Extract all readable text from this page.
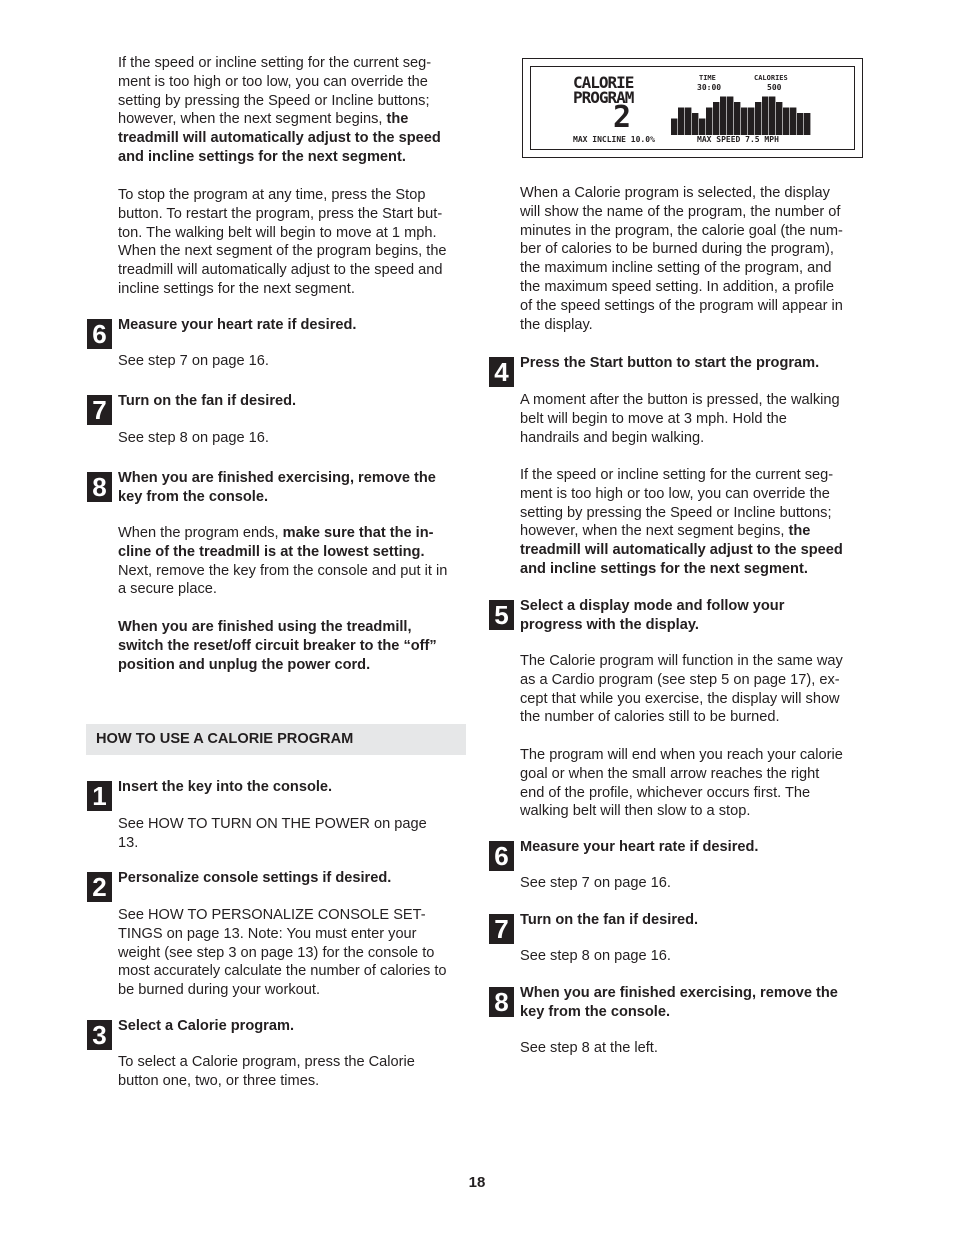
If the speed or incline setting for the current seg-
ment is too high or too low, you can override the
setting by pressing the Speed or Incline buttons;
however, when the next segment begins, the
treadmill will automatically adjust to the speed
and incline settings for the next segment.

To stop the program at any time, press the Stop
button. To restart the program, press the Start but-
ton. The walking belt will begin to move at 1 mph.
When the next segment of the program begins, the
treadmill will automatically adjust to the speed and
incline settings for the next segment.

6 Measure your heart rate if desired.

See step 7 on page 16.

7 Turn on the fan if desired.

See step 8 on page 16.

8 When you are finished exercising, remove the
key from the console.

When the program ends, make sure that the in-
cline of the treadmill is at the lowest setting.
Next, remove the key from the console and put it in
a secure place.

When you are finished using the treadmill,
switch the reset/off circuit breaker to the “off”
position and unplug the power cord.

HOW TO USE A CALORIE PROGRAM
1 Insert the key into the console.

See HOW TO TURN ON THE POWER on page
13.

2 Personalize console settings if desired.

See HOW TO PERSONALIZE CONSOLE SET-
TINGS on page 13. Note: You must enter your
weight (see step 3 on page 13) for the console to
most accurately calculate the number of calories to
be burned during your workout.

3 Select a Calorie program.

To select a Calorie program, press the Calorie
button one, two, or three times.

CALORIE
PROGRAM
2
TIME
30:00
CALORIES
500
MAX INCLINE 10.0%	MAX SPEED 7.5 MPH

When a Calorie program is selected, the display
will show the name of the program, the number of
minutes in the program, the calorie goal (the num-
ber of calories to be burned during the program),
the maximum incline setting of the program, and
the maximum speed setting. In addition, a profile
of the speed settings of the program will appear in
the display.

4 Press the Start button to start the program.

A moment after the button is pressed, the walking
belt will begin to move at 3 mph. Hold the
handrails and begin walking.

If the speed or incline setting for the current seg-
ment is too high or too low, you can override the
setting by pressing the Speed or Incline buttons;
however, when the next segment begins, the
treadmill will automatically adjust to the speed
and incline settings for the next segment.

5 Select a display mode and follow your
progress with the display.

The Calorie program will function in the same way
as a Cardio program (see step 5 on page 17), ex-
cept that while you exercise, the display will show
the number of calories still to be burned.

The program will end when you reach your calorie
goal or when the small arrow reaches the right
end of the profile, whichever occurs first. The
walking belt will then slow to a stop.

6 Measure your heart rate if desired.

See step 7 on page 16.

7 Turn on the fan if desired.

See step 8 on page 16.

8 When you are finished exercising, remove the
key from the console.

See step 8 at the left.

18
